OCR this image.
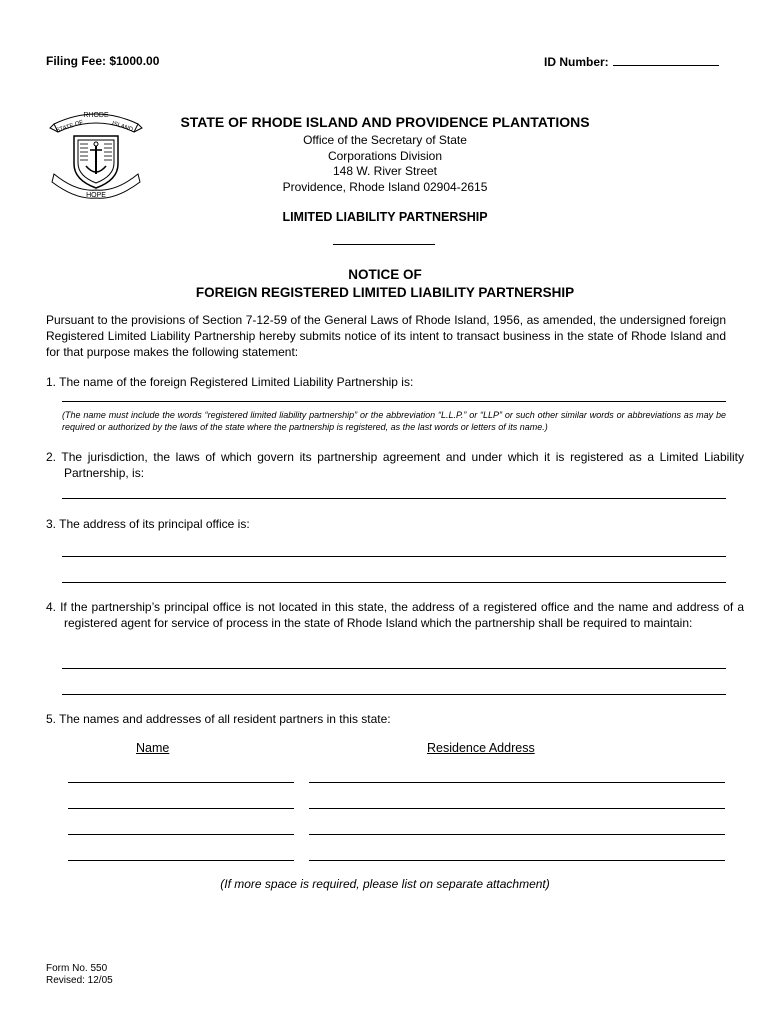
Filing Fee: $1000.00	ID Number:
RHODE
STATE OF	ISLAND
HOPE
STATE OF RHODE ISLAND AND PROVIDENCE PLANTATIONS
Office of the Secretary of State
Corporations Division
148 W. River Street
Providence, Rhode Island 02904-2615
LIMITED LIABILITY PARTNERSHIP
NOTICE OF
FOREIGN REGISTERED LIMITED LIABILITY PARTNERSHIP
Pursuant to the provisions of Section 7-12-59 of the General Laws of Rhode Island, 1956, as amended, the undersigned foreign Registered Limited Liability Partnership hereby submits notice of its intent to transact business in the state of Rhode Island and for that purpose makes the following statement:
1. The name of the foreign Registered Limited Liability Partnership is:
(The name must include the words “registered limited liability partnership” or the abbreviation “L.L.P.” or “LLP” or such other similar words or abbreviations as may be required or authorized by the laws of the state where the partnership is registered, as the last words or letters of its name.)
2. The jurisdiction, the laws of which govern its partnership agreement and under which it is registered as a Limited Liability Partnership, is:
3. The address of its principal office is:
4. If the partnership’s principal office is not located in this state, the address of a registered office and the name and address of a registered agent for service of process in the state of Rhode Island which the partnership shall be required to maintain:
5. The names and addresses of all resident partners in this state:
Name	Residence Address
(If more space is required, please list on separate attachment)
Form No. 550
Revised: 12/05
